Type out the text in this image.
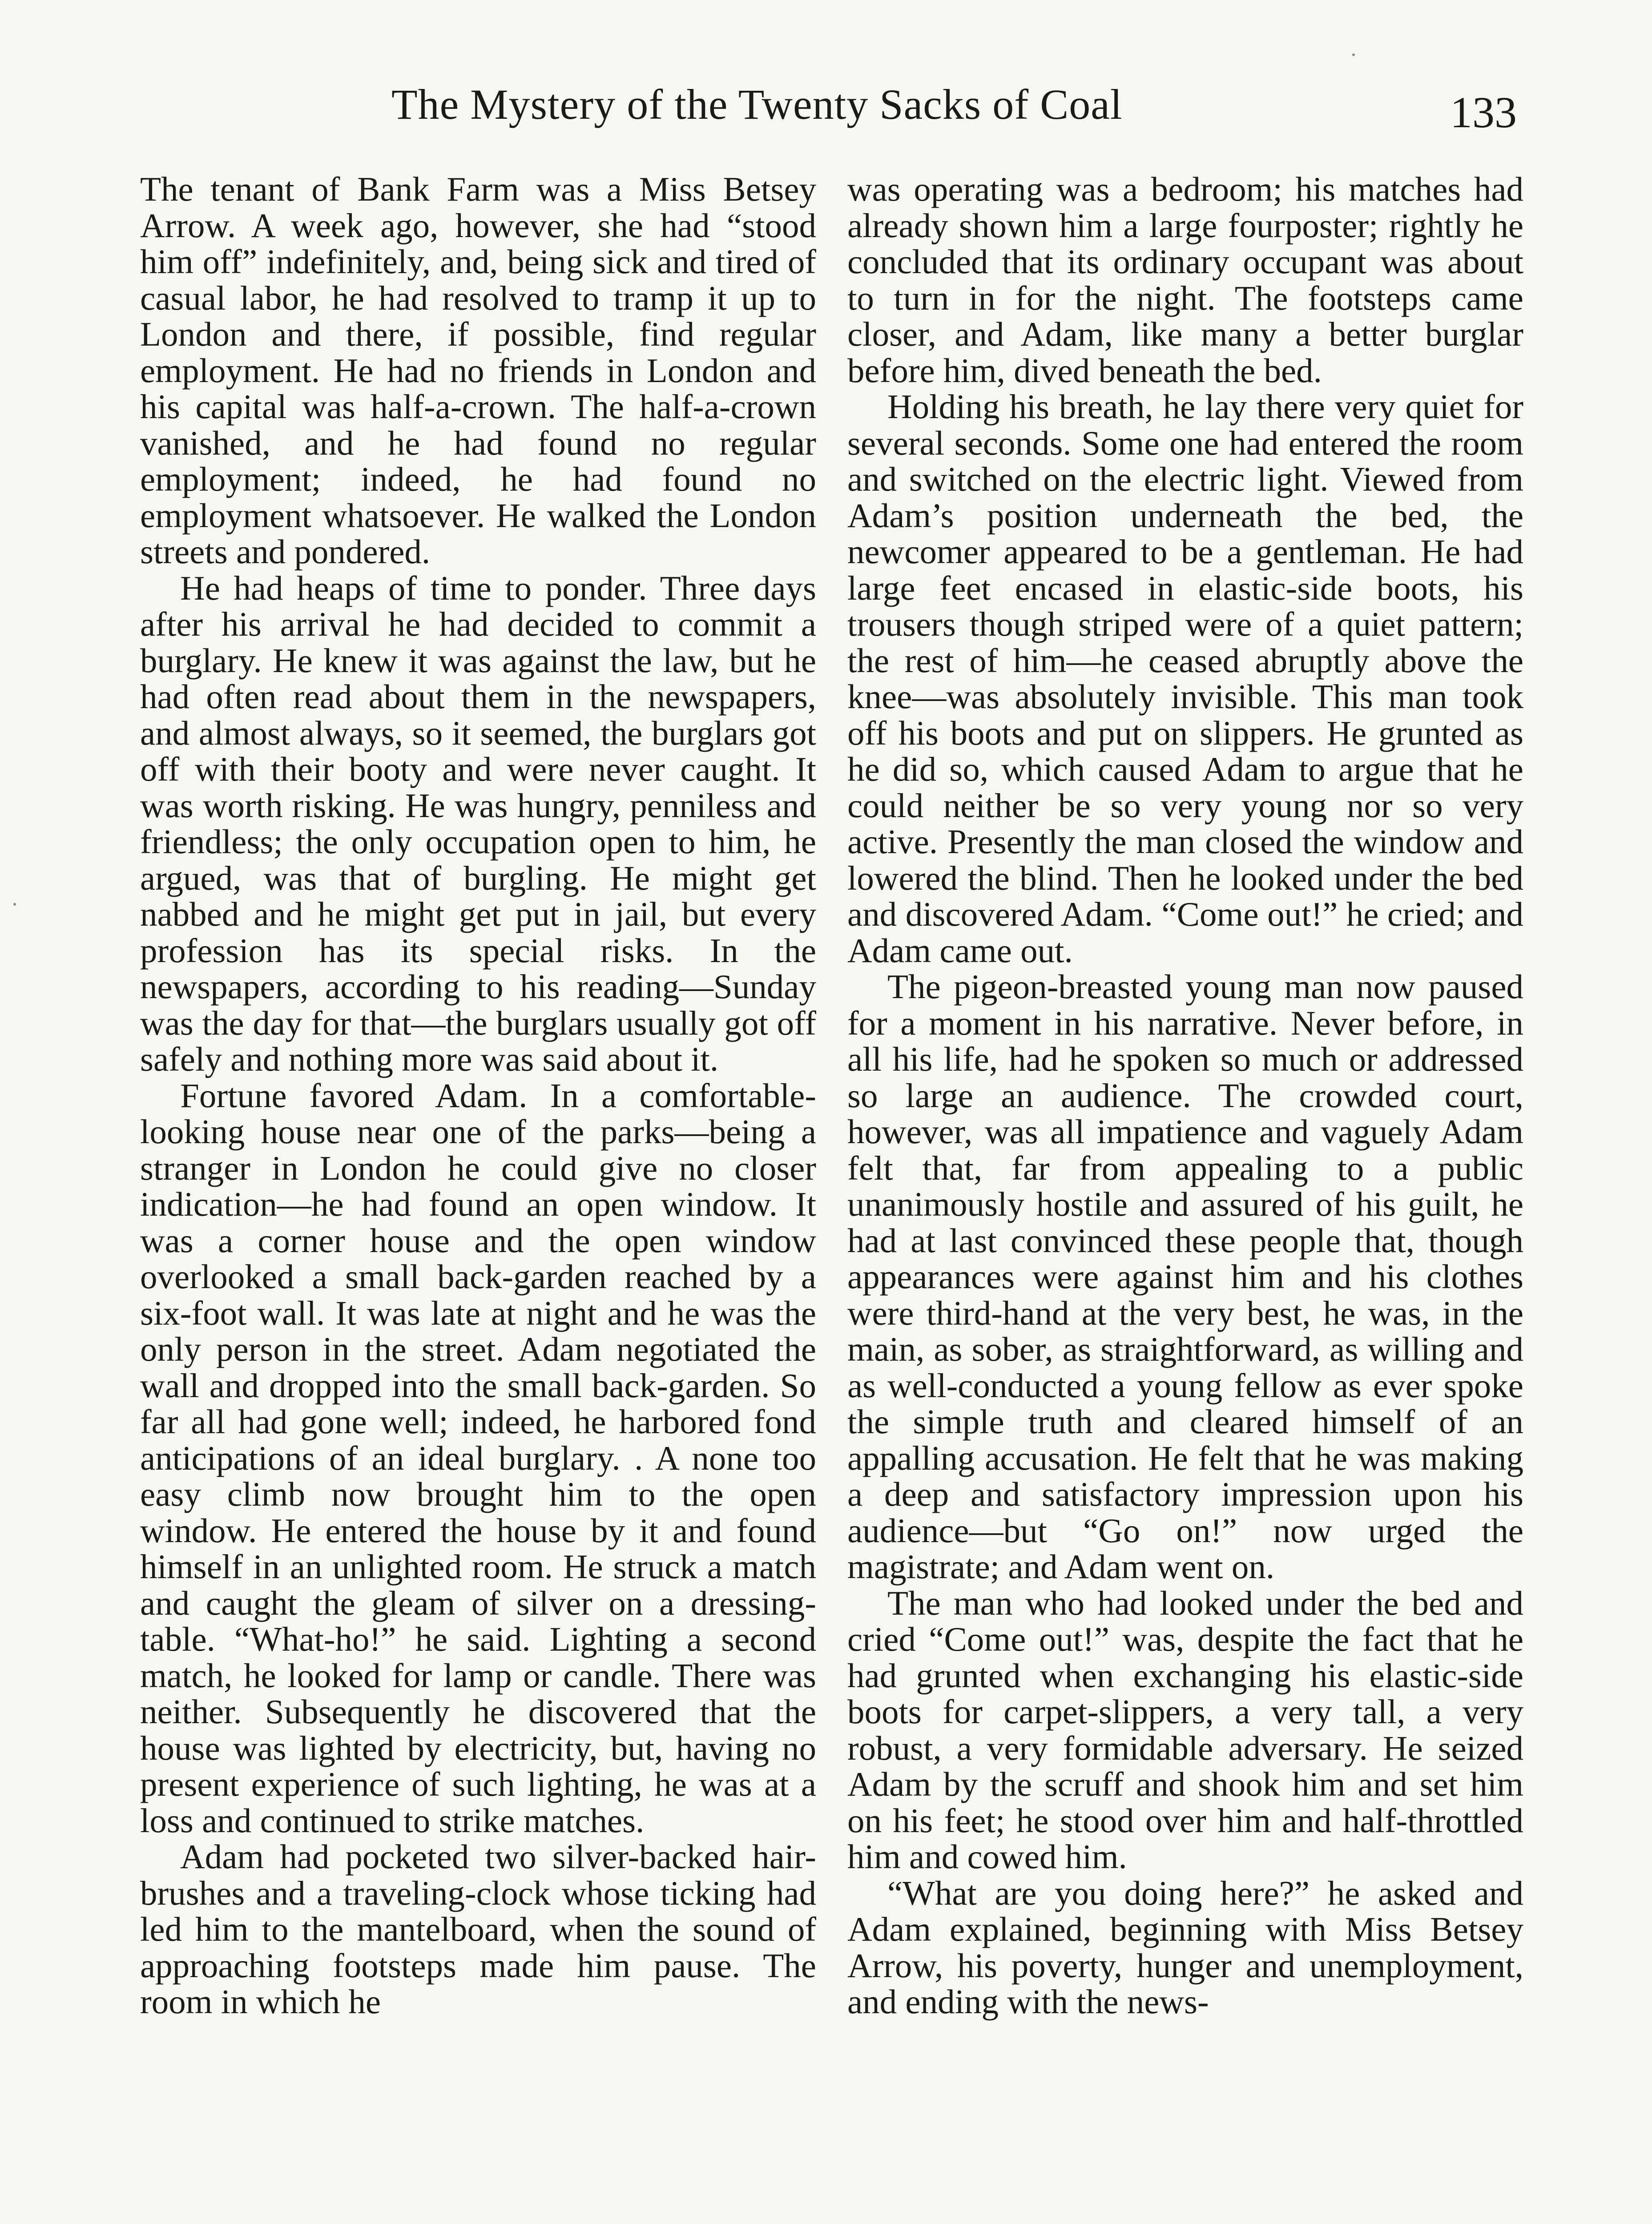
The Mystery of the Twenty Sacks of Coal	133

The tenant of Bank Farm was a Miss Betsey Arrow. A week ago, however, she had “stood him off” indefinitely, and, being sick and tired of casual labor, he had resolved to tramp it up to London and there, if possible, find regular employment. He had no friends in London and his capital was half-a-crown. The half-a-crown vanished, and he had found no regular employment; indeed, he had found no employment whatsoever. He walked the London streets and pondered.

He had heaps of time to ponder. Three days after his arrival he had decided to commit a burglary. He knew it was against the law, but he had often read about them in the newspapers, and almost always, so it seemed, the burglars got off with their booty and were never caught. It was worth risking. He was hungry, penniless and friendless; the only occupation open to him, he argued, was that of burgling. He might get nabbed and he might get put in jail, but every profession has its special risks. In the newspapers, according to his reading—Sunday was the day for that—the burglars usually got off safely and nothing more was said about it.

Fortune favored Adam. In a comfortable-looking house near one of the parks—being a stranger in London he could give no closer indication—he had found an open window. It was a corner house and the open window overlooked a small back-garden reached by a six-foot wall. It was late at night and he was the only person in the street. Adam negotiated the wall and dropped into the small back-garden. So far all had gone well; indeed, he harbored fond anticipations of an ideal burglary. . A none too easy climb now brought him to the open window. He entered the house by it and found himself in an unlighted room. He struck a match and caught the gleam of silver on a dressing-table. “What-ho!” he said. Lighting a second match, he looked for lamp or candle. There was neither. Subsequently he discovered that the house was lighted by electricity, but, having no present experience of such lighting, he was at a loss and continued to strike matches.

Adam had pocketed two silver-backed hair-brushes and a traveling-clock whose ticking had led him to the mantelboard, when the sound of approaching footsteps made him pause. The room in which he

was operating was a bedroom; his matches had already shown him a large fourposter; rightly he concluded that its ordinary occupant was about to turn in for the night. The footsteps came closer, and Adam, like many a better burglar before him, dived beneath the bed.

Holding his breath, he lay there very quiet for several seconds. Some one had entered the room and switched on the electric light. Viewed from Adam’s position underneath the bed, the newcomer appeared to be a gentleman. He had large feet encased in elastic-side boots, his trousers though striped were of a quiet pattern; the rest of him—he ceased abruptly above the knee—was absolutely invisible. This man took off his boots and put on slippers. He grunted as he did so, which caused Adam to argue that he could neither be so very young nor so very active. Presently the man closed the window and lowered the blind. Then he looked under the bed and discovered Adam. “Come out!” he cried; and Adam came out.

The pigeon-breasted young man now paused for a moment in his narrative. Never before, in all his life, had he spoken so much or addressed so large an audience. The crowded court, however, was all impatience and vaguely Adam felt that, far from appealing to a public unanimously hostile and assured of his guilt, he had at last convinced these people that, though appearances were against him and his clothes were third-hand at the very best, he was, in the main, as sober, as straightforward, as willing and as well-conducted a young fellow as ever spoke the simple truth and cleared himself of an appalling accusation. He felt that he was making a deep and satisfactory impression upon his audience—but “Go on!” now urged the magistrate; and Adam went on.

The man who had looked under the bed and cried “Come out!” was, despite the fact that he had grunted when exchanging his elastic-side boots for carpet-slippers, a very tall, a very robust, a very formidable adversary. He seized Adam by the scruff and shook him and set him on his feet; he stood over him and half-throttled him and cowed him.

“What are you doing here?” he asked and Adam explained, beginning with Miss Betsey Arrow, his poverty, hunger and unemployment, and ending with the news-
